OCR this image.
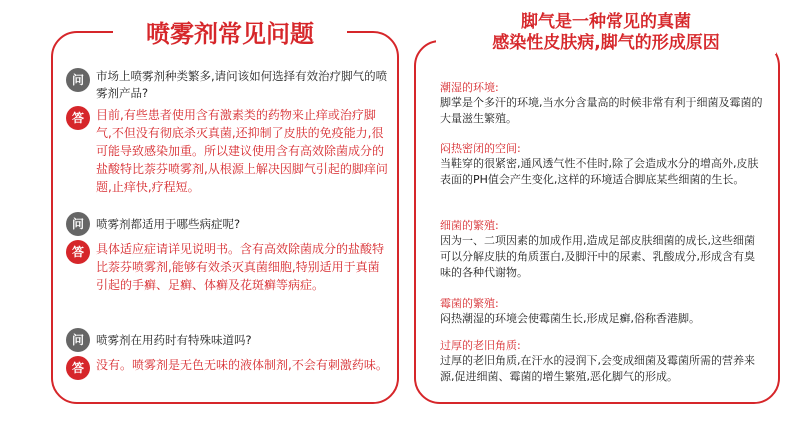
喷雾剂常见问题
问	市场上喷雾剂种类繁多,请问该如何选择有效治疗脚气的喷雾剂产品?
答	目前,有些患者使用含有激素类的药物来止痒或治疗脚气,不但没有彻底杀灭真菌,还抑制了皮肤的免疫能力,很可能导致感染加重。所以建议使用含有高效除菌成分的盐酸特比萘芬喷雾剂,从根源上解决因脚气引起的脚痒问题,止痒快,疗程短。
问	喷雾剂都适用于哪些病症呢?
答	具体适应症请详见说明书。含有高效除菌成分的盐酸特比萘芬喷雾剂,能够有效杀灭真菌细胞,特别适用于真菌引起的手癣、足癣、体癣及花斑癣等病症。
问	喷雾剂在用药时有特殊味道吗?
答	没有。喷雾剂是无色无味的液体制剂,不会有刺激药味。
脚气是一种常见的真菌
感染性皮肤病,脚气的形成原因
潮湿的环境:
脚掌是个多汗的环境,当水分含量高的时候非常有利于细菌及霉菌的大量滋生繁殖。
闷热密闭的空间:
当鞋穿的很紧密,通风透气性不佳时,除了会造成水分的增高外,皮肤表面的PH值会产生变化,这样的环境适合脚底某些细菌的生长。
细菌的繁殖:
因为一、二项因素的加成作用,造成足部皮肤细菌的成长,这些细菌可以分解皮肤的角质蛋白,及脚汗中的尿素、乳酸成分,形成含有臭味的各种代谢物。
霉菌的繁殖:
闷热潮湿的环境会使霉菌生长,形成足癣,俗称香港脚。
过厚的老旧角质:
过厚的老旧角质,在汗水的浸润下,会变成细菌及霉菌所需的营养来源,促进细菌、霉菌的增生繁殖,恶化脚气的形成。
